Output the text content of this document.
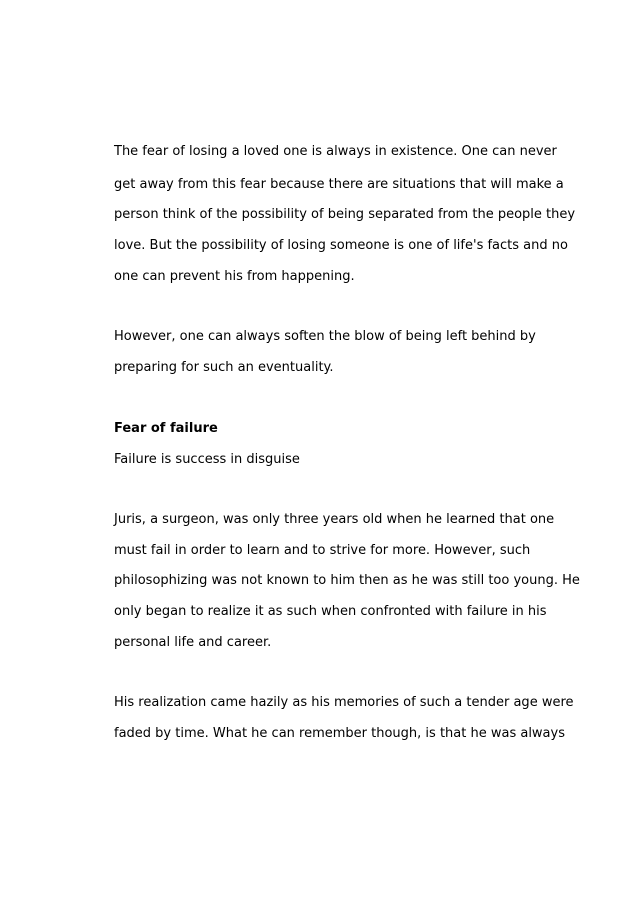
The fear of losing a loved one is always in existence. One can never
get away from this fear because there are situations that will make a
person think of the possibility of being separated from the people they
love. But the possibility of losing someone is one of life's facts and no
one can prevent his from happening.
However, one can always soften the blow of being left behind by
preparing for such an eventuality.
Fear of failure
Failure is success in disguise
Juris, a surgeon, was only three years old when he learned that one
must fail in order to learn and to strive for more. However, such
philosophizing was not known to him then as he was still too young. He
only began to realize it as such when confronted with failure in his
personal life and career.
His realization came hazily as his memories of such a tender age were
faded by time. What he can remember though, is that he was always
